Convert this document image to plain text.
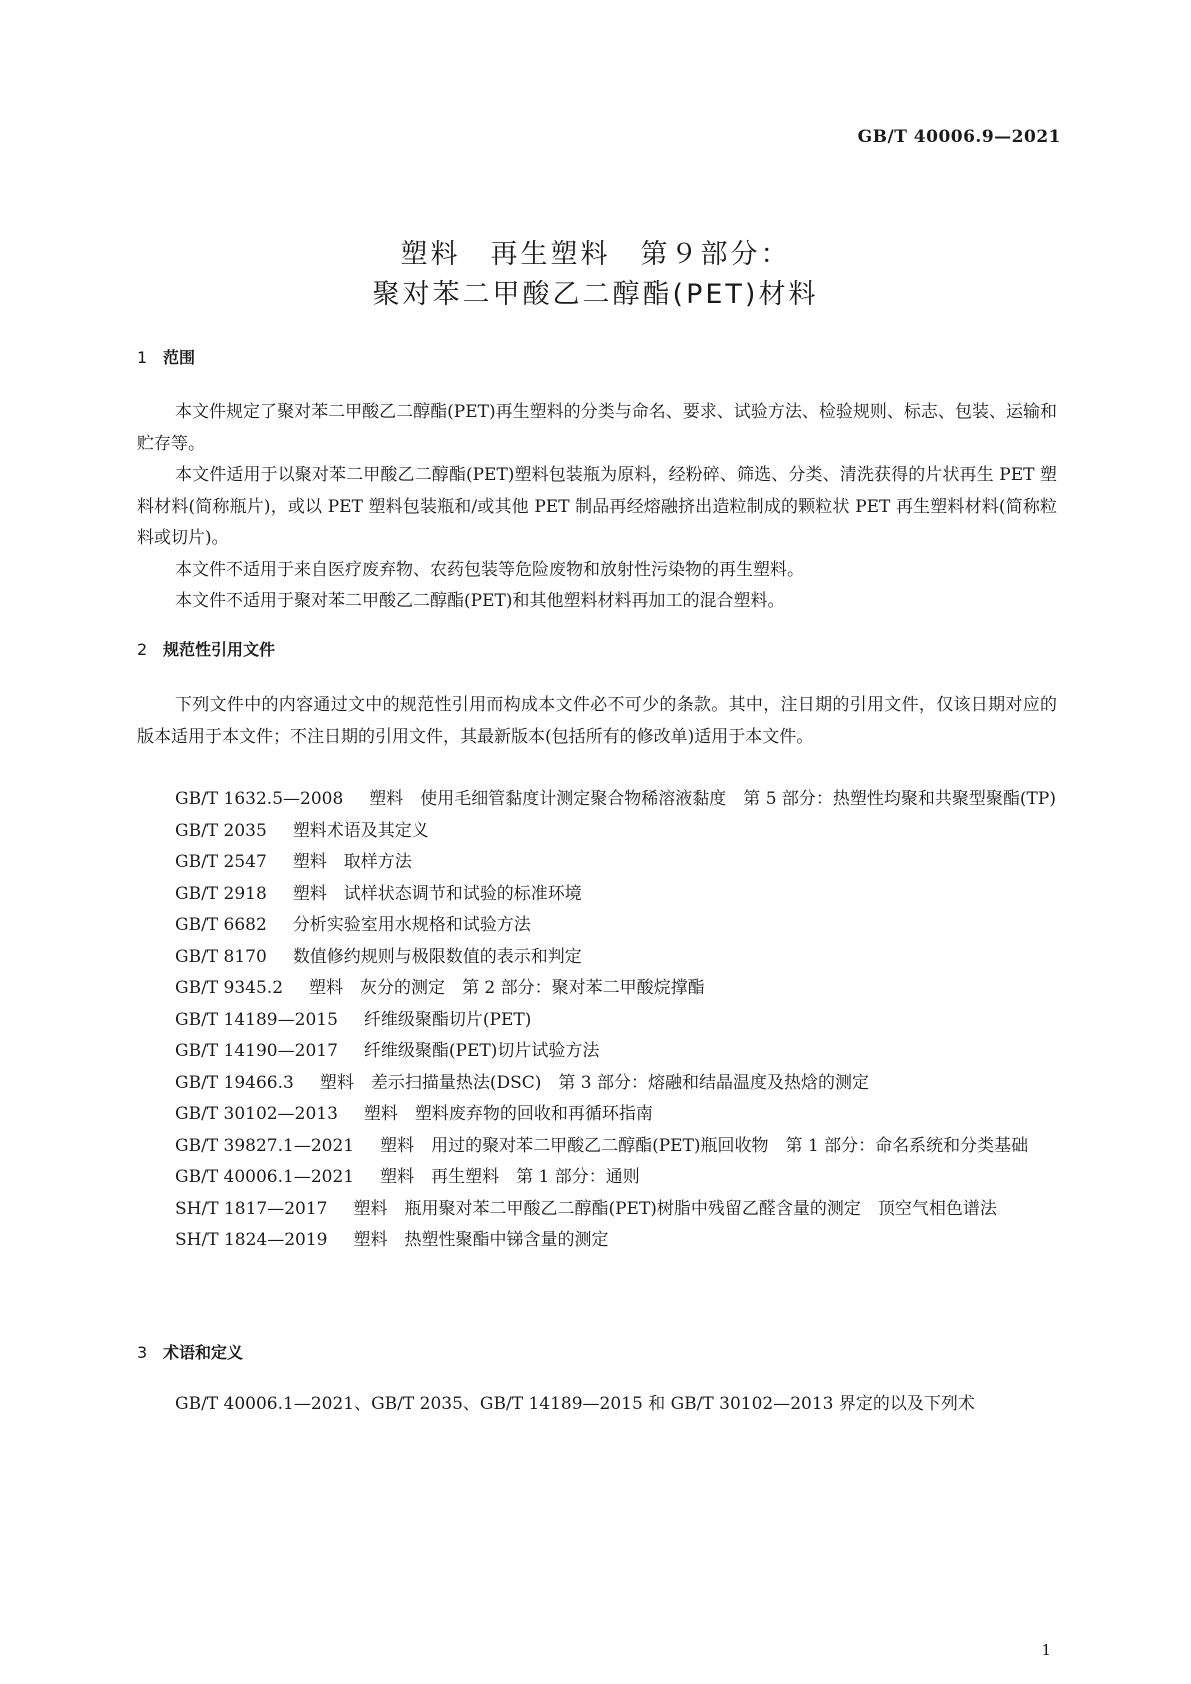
GB/T 40006.9—2021
塑料　再生塑料　第９部分：
聚对苯二甲酸乙二醇酯(PET)材料
1 范围

本文件规定了聚对苯二甲酸乙二醇酯(PET)再生塑料的分类与命名、要求、试验方法、检验规则、标志、包装、运输和贮存等。

本文件适用于以聚对苯二甲酸乙二醇酯(PET)塑料包装瓶为原料，经粉碎、筛选、分类、清洗获得的片状再生 PET 塑料材料(简称瓶片)，或以 PET 塑料包装瓶和/或其他 PET 制品再经熔融挤出造粒制成的颗粒状 PET 再生塑料材料(简称粒料或切片)。

本文件不适用于来自医疗废弃物、农药包装等危险废物和放射性污染物的再生塑料。

本文件不适用于聚对苯二甲酸乙二醇酯(PET)和其他塑料材料再加工的混合塑料。

2 规范性引用文件

下列文件中的内容通过文中的规范性引用而构成本文件必不可少的条款。其中，注日期的引用文件，仅该日期对应的版本适用于本文件；不注日期的引用文件，其最新版本(包括所有的修改单)适用于本文件。

GB/T 1632.5—2008 塑料　使用毛细管黏度计测定聚合物稀溶液黏度　第 5 部分：热塑性均聚和共聚型聚酯(TP)

GB/T 2035 塑料术语及其定义

GB/T 2547 塑料　取样方法

GB/T 2918 塑料　试样状态调节和试验的标准环境

GB/T 6682 分析实验室用水规格和试验方法

GB/T 8170 数值修约规则与极限数值的表示和判定

GB/T 9345.2 塑料　灰分的测定　第 2 部分：聚对苯二甲酸烷撑酯

GB/T 14189—2015 纤维级聚酯切片(PET)

GB/T 14190—2017 纤维级聚酯(PET)切片试验方法

GB/T 19466.3 塑料　差示扫描量热法(DSC)　第 3 部分：熔融和结晶温度及热焓的测定

GB/T 30102—2013 塑料　塑料废弃物的回收和再循环指南

GB/T 39827.1—2021 塑料　用过的聚对苯二甲酸乙二醇酯(PET)瓶回收物　第 1 部分：命名系统和分类基础

GB/T 40006.1—2021 塑料　再生塑料　第 1 部分：通则

SH/T 1817—2017 塑料　瓶用聚对苯二甲酸乙二醇酯(PET)树脂中残留乙醛含量的测定　顶空气相色谱法

SH/T 1824—2019 塑料　热塑性聚酯中锑含量的测定

3 术语和定义

GB/T 40006.1—2021、GB/T 2035、GB/T 14189—2015 和 GB/T 30102—2013 界定的以及下列术

1
